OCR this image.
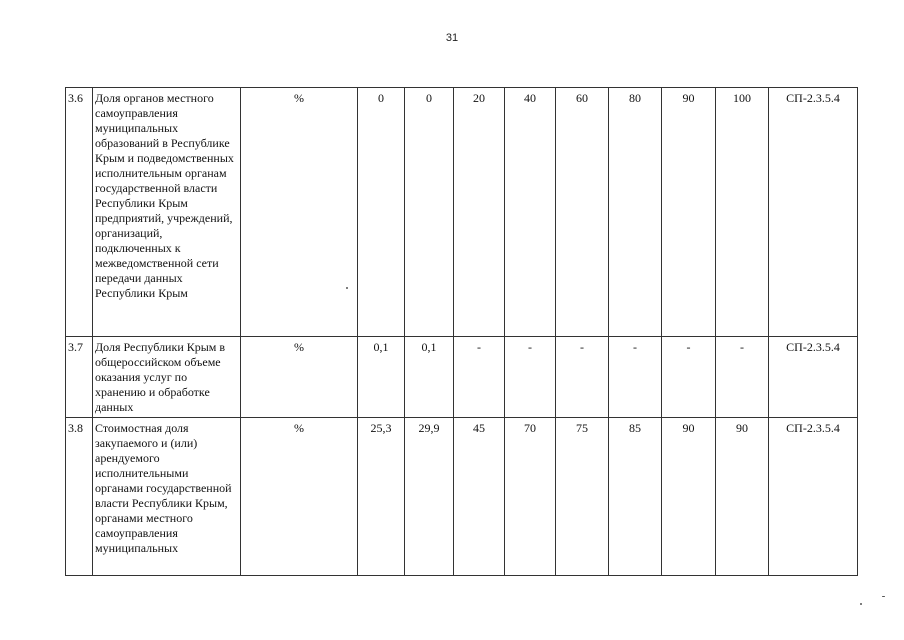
31
3.6	Доля органов местного самоуправления муниципальных образований в Республике Крым и подведомственных исполнительным органам государственной власти Республики Крым предприятий, учреждений, организаций, подключенных к межведомственной сети передачи данных Республики Крым	%	0	0	20	40	60	80	90	100	СП-2.3.5.4
3.7	Доля Республики Крым в общероссийском объеме оказания услуг по хранению и обработке данных	%	0,1	0,1	-	-	-	-	-	-	СП-2.3.5.4
3.8	Стоимостная доля закупаемого и (или) арендуемого исполнительными органами государственной власти Республики Крым, органами местного самоуправления муниципальных	%	25,3	29,9	45	70	75	85	90	90	СП-2.3.5.4
